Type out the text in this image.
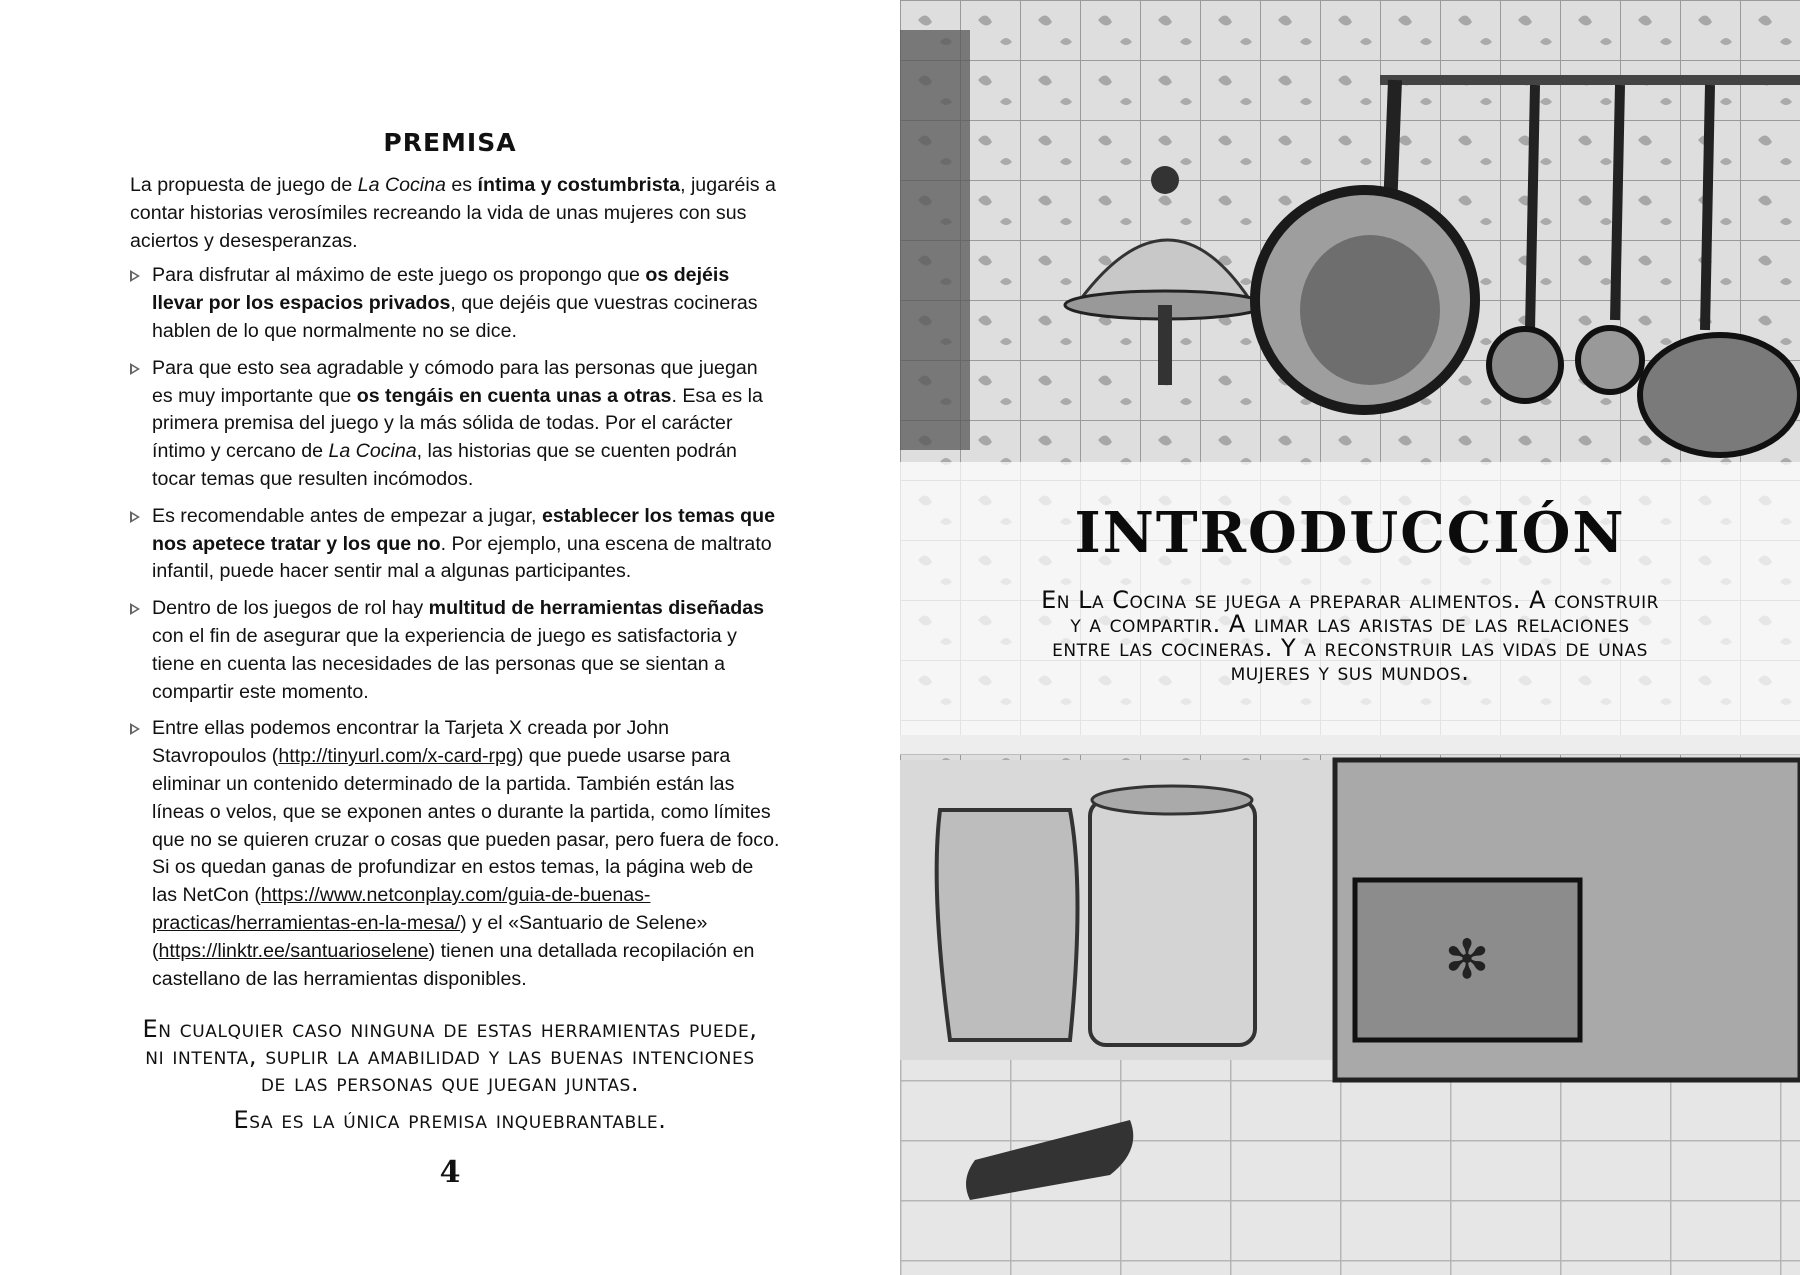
PREMISA

La propuesta de juego de La Cocina es íntima y costumbrista, jugaréis a contar historias verosímiles recreando la vida de unas mujeres con sus aciertos y desesperanzas.

Para disfrutar al máximo de este juego os propongo que os dejéis llevar por los espacios privados, que dejéis que vuestras cocineras hablen de lo que normalmente no se dice.
Para que esto sea agradable y cómodo para las personas que juegan es muy importante que os tengáis en cuenta unas a otras. Esa es la primera premisa del juego y la más sólida de todas. Por el carácter íntimo y cercano de La Cocina, las historias que se cuenten podrán tocar temas que resulten incómodos.
Es recomendable antes de empezar a jugar, establecer los temas que nos apetece tratar y los que no. Por ejemplo, una escena de maltrato infantil, puede hacer sentir mal a algunas participantes.
Dentro de los juegos de rol hay multitud de herramientas diseñadas con el fin de asegurar que la experiencia de juego es satisfactoria y tiene en cuenta las necesidades de las personas que se sientan a compartir este momento.
Entre ellas podemos encontrar la Tarjeta X creada por John Stavropoulos (http://tinyurl.com/x-card-rpg) que puede usarse para eliminar un contenido determinado de la partida. También están las líneas o velos, que se exponen antes o durante la partida, como límites que no se quieren cruzar o cosas que pueden pasar, pero fuera de foco. Si os quedan ganas de profundizar en estos temas, la página web de las NetCon (https://www.netconplay.com/guia-de-buenas-practicas/herramientas-en-la-mesa/) y el «Santuario de Selene» (https://linktr.ee/santuarioselene) tienen una detallada recopilación en castellano de las herramientas disponibles.
En cualquier caso ninguna de estas herramientas puede, ni intenta, suplir la amabilidad y las buenas intenciones de las personas que juegan juntas.
Esa es la única premisa inquebrantable.
4
✻
INTRODUCCIÓN
En La Cocina se juega a preparar alimentos. A construir y a compartir. A limar las aristas de las relaciones entre las cocineras. Y a reconstruir las vidas de unas mujeres y sus mundos.
